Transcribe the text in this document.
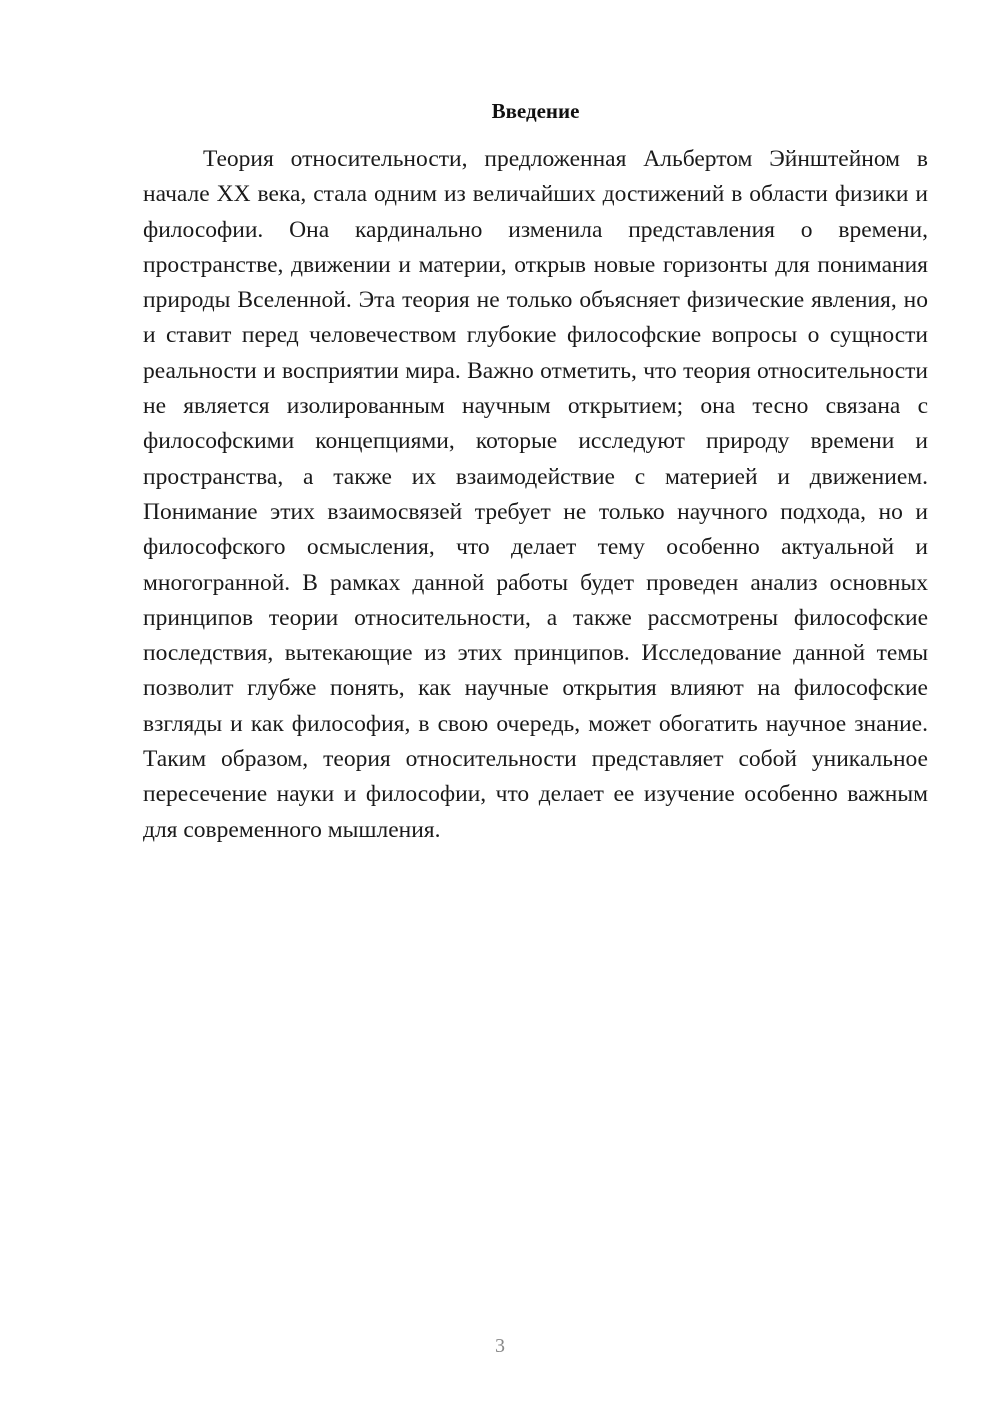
Введение

Теория относительности, предложенная Альбертом Эйнштейном в начале XX века, стала одним из величайших достижений в области физики и философии. Она кардинально изменила представления о времени, пространстве, движении и материи, открыв новые горизонты для понимания природы Вселенной. Эта теория не только объясняет физические явления, но и ставит перед человечеством глубокие философские вопросы о сущности реальности и восприятии мира. Важно отметить, что теория относительности не является изолированным научным открытием; она тесно связана с философскими концепциями, которые исследуют природу времени и пространства, а также их взаимодействие с материей и движением. Понимание этих взаимосвязей требует не только научного подхода, но и философского осмысления, что делает тему особенно актуальной и многогранной. В рамках данной работы будет проведен анализ основных принципов теории относительности, а также рассмотрены философские последствия, вытекающие из этих принципов. Исследование данной темы позволит глубже понять, как научные открытия влияют на философские взгляды и как философия, в свою очередь, может обогатить научное знание. Таким образом, теория относительности представляет собой уникальное пересечение науки и философии, что делает ее изучение особенно важным для современного мышления.

3
